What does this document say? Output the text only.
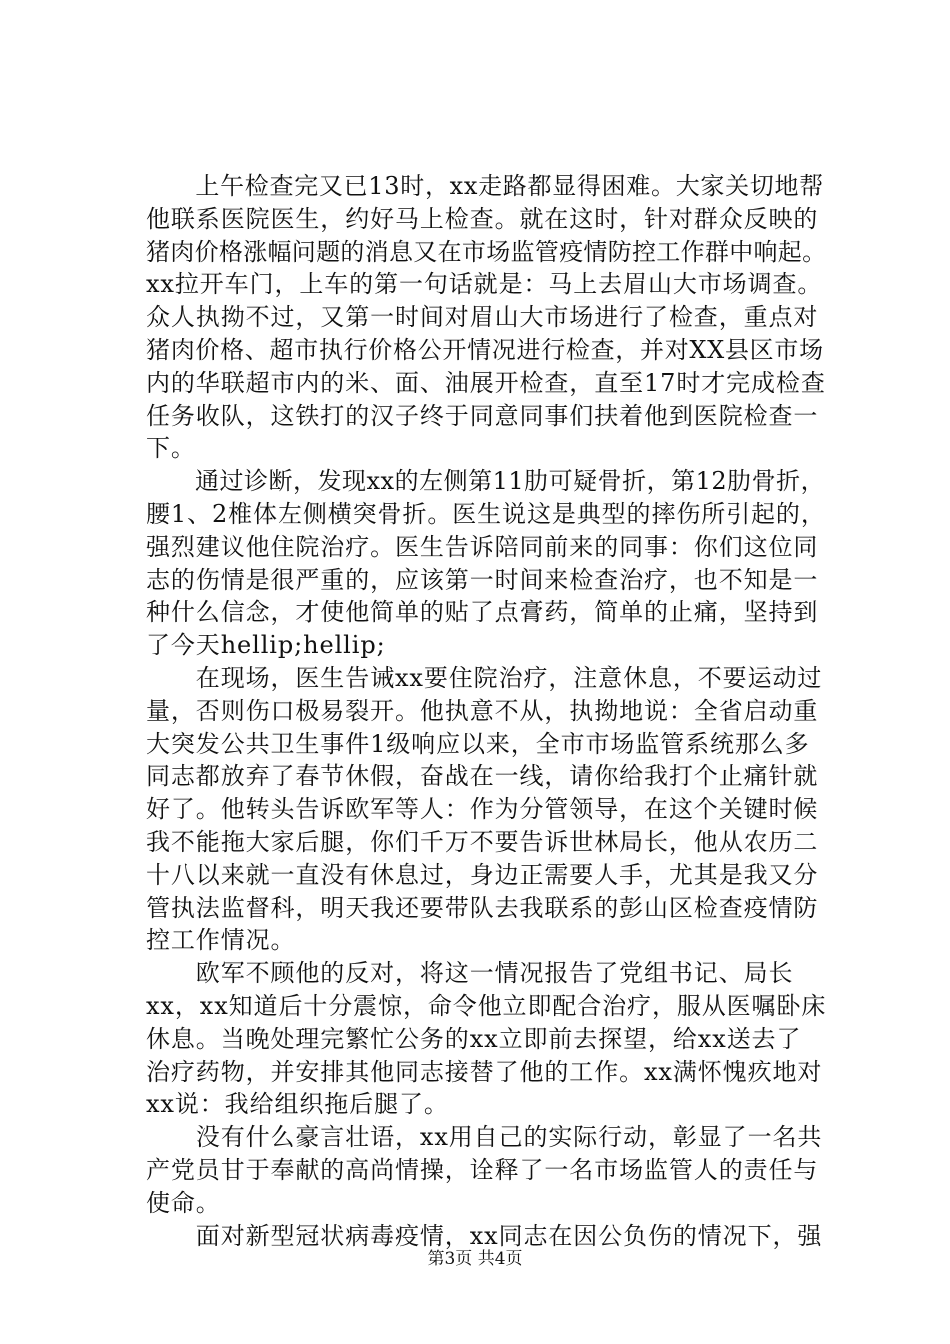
　　上午检查完又已13时，xx走路都显得困难。大家关切地帮
他联系医院医生，约好马上检查。就在这时，针对群众反映的
猪肉价格涨幅问题的消息又在市场监管疫情防控工作群中响起。
xx拉开车门，上车的第一句话就是：马上去眉山大市场调查。
众人执拗不过，又第一时间对眉山大市场进行了检查，重点对
猪肉价格、超市执行价格公开情况进行检查，并对XX县区市场
内的华联超市内的米、面、油展开检查，直至17时才完成检查
任务收队，这铁打的汉子终于同意同事们扶着他到医院检查一
下。
　　通过诊断，发现xx的左侧第11肋可疑骨折，第12肋骨折，
腰1、2椎体左侧横突骨折。医生说这是典型的摔伤所引起的，
强烈建议他住院治疗。医生告诉陪同前来的同事：你们这位同
志的伤情是很严重的，应该第一时间来检查治疗，也不知是一
种什么信念，才使他简单的贴了点膏药，简单的止痛，坚持到
了今天hellip;hellip;
　　在现场，医生告诫xx要住院治疗，注意休息，不要运动过
量，否则伤口极易裂开。他执意不从，执拗地说：全省启动重
大突发公共卫生事件1级响应以来，全市市场监管系统那么多
同志都放弃了春节休假，奋战在一线，请你给我打个止痛针就
好了。他转头告诉欧军等人：作为分管领导，在这个关键时候
我不能拖大家后腿，你们千万不要告诉世林局长，他从农历二
十八以来就一直没有休息过，身边正需要人手，尤其是我又分
管执法监督科，明天我还要带队去我联系的彭山区检查疫情防
控工作情况。
　　欧军不顾他的反对，将这一情况报告了党组书记、局长
xx，xx知道后十分震惊，命令他立即配合治疗，服从医嘱卧床
休息。当晚处理完繁忙公务的xx立即前去探望，给xx送去了
治疗药物，并安排其他同志接替了他的工作。xx满怀愧疚地对
xx说：我给组织拖后腿了。
　　没有什么豪言壮语，xx用自己的实际行动，彰显了一名共
产党员甘于奉献的高尚情操，诠释了一名市场监管人的责任与
使命。
　　面对新型冠状病毒疫情，xx同志在因公负伤的情况下，强
第3页 共4页
